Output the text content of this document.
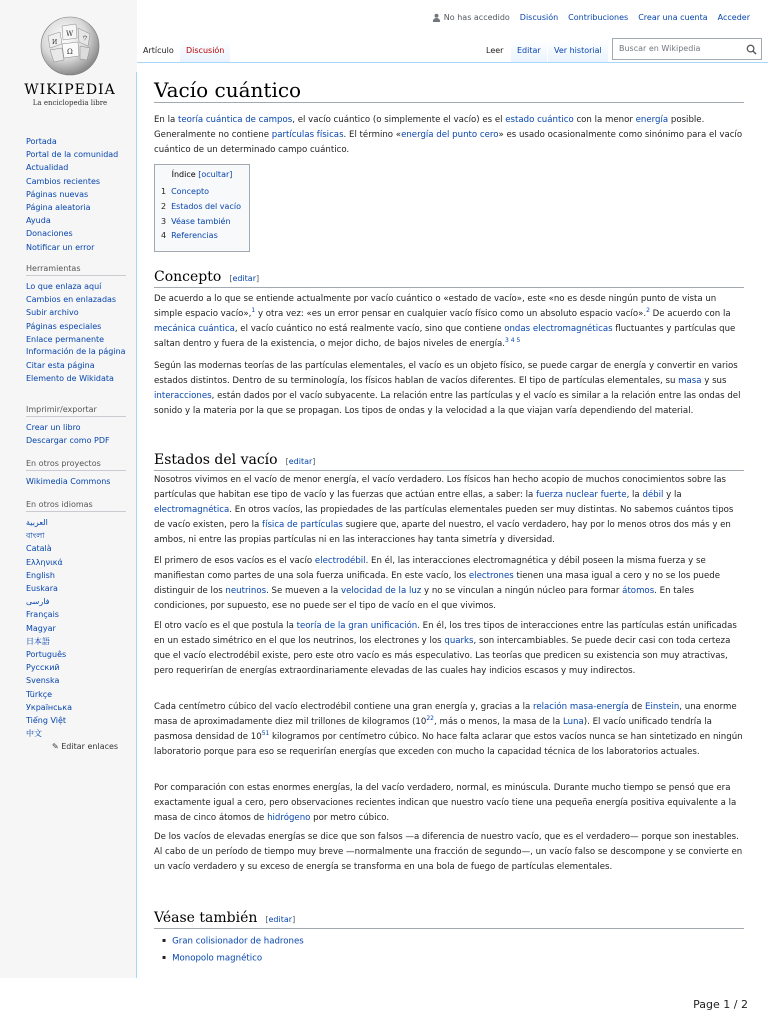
W
Ω
И
ウ
WIKIPEDIA
La enciclopedia libre
Portada
Portal de la comunidad
Actualidad
Cambios recientes
Páginas nuevas
Página aleatoria
Ayuda
Donaciones
Notificar un error
Herramientas
Lo que enlaza aquí
Cambios en enlazadas
Subir archivo
Páginas especiales
Enlace permanente
Información de la página
Citar esta página
Elemento de Wikidata
Imprimir/exportar
Crear un libro
Descargar como PDF
En otros proyectos
Wikimedia Commons
En otros idiomas
العربية
বাংলা
Català
Ελληνικά
English
Euskara
فارسی
Français
Magyar
日本語
Português
Русский
Svenska
Türkçe
Українська
Tiếng Việt
中文
✎ Editar enlaces
No has accedido Discusión Contribuciones Crear una cuenta Acceder
Artículo	Discusión	Leer	Editar	Ver historial	Buscar en Wikipedia
Vacío cuántico

En la teoría cuántica de campos, el vacío cuántico (o simplemente el vacío) es el estado cuántico con la menor energía posible. Generalmente no contiene partículas físicas. El término «energía del punto cero» es usado ocasionalmente como sinónimo para el vacío cuántico de un determinado campo cuántico.

Índice [ocultar]
1 Concepto
2 Estados del vacío
3 Véase también
4 Referencias
Concepto [editar]

De acuerdo a lo que se entiende actualmente por vacío cuántico o «estado de vacío», este «no es desde ningún punto de vista un simple espacio vacío»,$^1$ y otra vez: «es un error pensar en cualquier vacío físico como un absoluto espacio vacío».$^2$ De acuerdo con la mecánica cuántica, el vacío cuántico no está realmente vacío, sino que contiene ondas electromagnéticas fluctuantes y partículas que saltan dentro y fuera de la existencia, o mejor dicho, de bajos niveles de energía.$^{3 4 5}$

Según las modernas teorías de las partículas elementales, el vacío es un objeto físico, se puede cargar de energía y convertir en varios estados distintos. Dentro de su terminología, los físicos hablan de vacíos diferentes. El tipo de partículas elementales, su masa y sus interacciones, están dados por el vacío subyacente. La relación entre las partículas y el vacío es similar a la relación entre las ondas del sonido y la materia por la que se propagan. Los tipos de ondas y la velocidad a la que viajan varía dependiendo del material.

Estados del vacío [editar]

Nosotros vivimos en el vacío de menor energía, el vacío verdadero. Los físicos han hecho acopio de muchos conocimientos sobre las partículas que habitan ese tipo de vacío y las fuerzas que actúan entre ellas, a saber: la fuerza nuclear fuerte, la débil y la electromagnética. En otros vacíos, las propiedades de las partículas elementales pueden ser muy distintas. No sabemos cuántos tipos de vacío existen, pero la física de partículas sugiere que, aparte del nuestro, el vacío verdadero, hay por lo menos otros dos más y en ambos, ni entre las propias partículas ni en las interacciones hay tanta simetría y diversidad.

El primero de esos vacíos es el vacío electrodébil. En él, las interacciones electromagnética y débil poseen la misma fuerza y se manifiestan como partes de una sola fuerza unificada. En este vacío, los electrones tienen una masa igual a cero y no se los puede distinguir de los neutrinos. Se mueven a la velocidad de la luz y no se vinculan a ningún núcleo para formar átomos. En tales condiciones, por supuesto, ese no puede ser el tipo de vacío en el que vivimos.

El otro vacío es el que postula la teoría de la gran unificación. En él, los tres tipos de interacciones entre las partículas están unificadas en un estado simétrico en el que los neutrinos, los electrones y los quarks, son intercambiables. Se puede decir casi con toda certeza que el vacío electrodébil existe, pero este otro vacío es más especulativo. Las teorías que predicen su existencia son muy atractivas, pero requerirían de energías extraordinariamente elevadas de las cuales hay indicios escasos y muy indirectos.

Cada centímetro cúbico del vacío electrodébil contiene una gran energía y, gracias a la relación masa-energía de Einstein, una enorme masa de aproximadamente diez mil trillones de kilogramos ($10^{22}$, más o menos, la masa de la Luna). El vacío unificado tendría la pasmosa densidad de $10^{51}$ kilogramos por centímetro cúbico. No hace falta aclarar que estos vacíos nunca se han sintetizado en ningún laboratorio porque para eso se requerirían energías que exceden con mucho la capacidad técnica de los laboratorios actuales.

Por comparación con estas enormes energías, la del vacío verdadero, normal, es minúscula. Durante mucho tiempo se pensó que era exactamente igual a cero, pero observaciones recientes indican que nuestro vacío tiene una pequeña energía positiva equivalente a la masa de cinco átomos de hidrógeno por metro cúbico.

De los vacíos de elevadas energías se dice que son falsos —a diferencia de nuestro vacío, que es el verdadero— porque son inestables. Al cabo de un período de tiempo muy breve —normalmente una fracción de segundo—, un vacío falso se descompone y se convierte en un vacío verdadero y su exceso de energía se transforma en una bola de fuego de partículas elementales.

Véase también [editar]
▪ Gran colisionador de hadrones
▪ Monopolo magnético
Page 1 / 2
